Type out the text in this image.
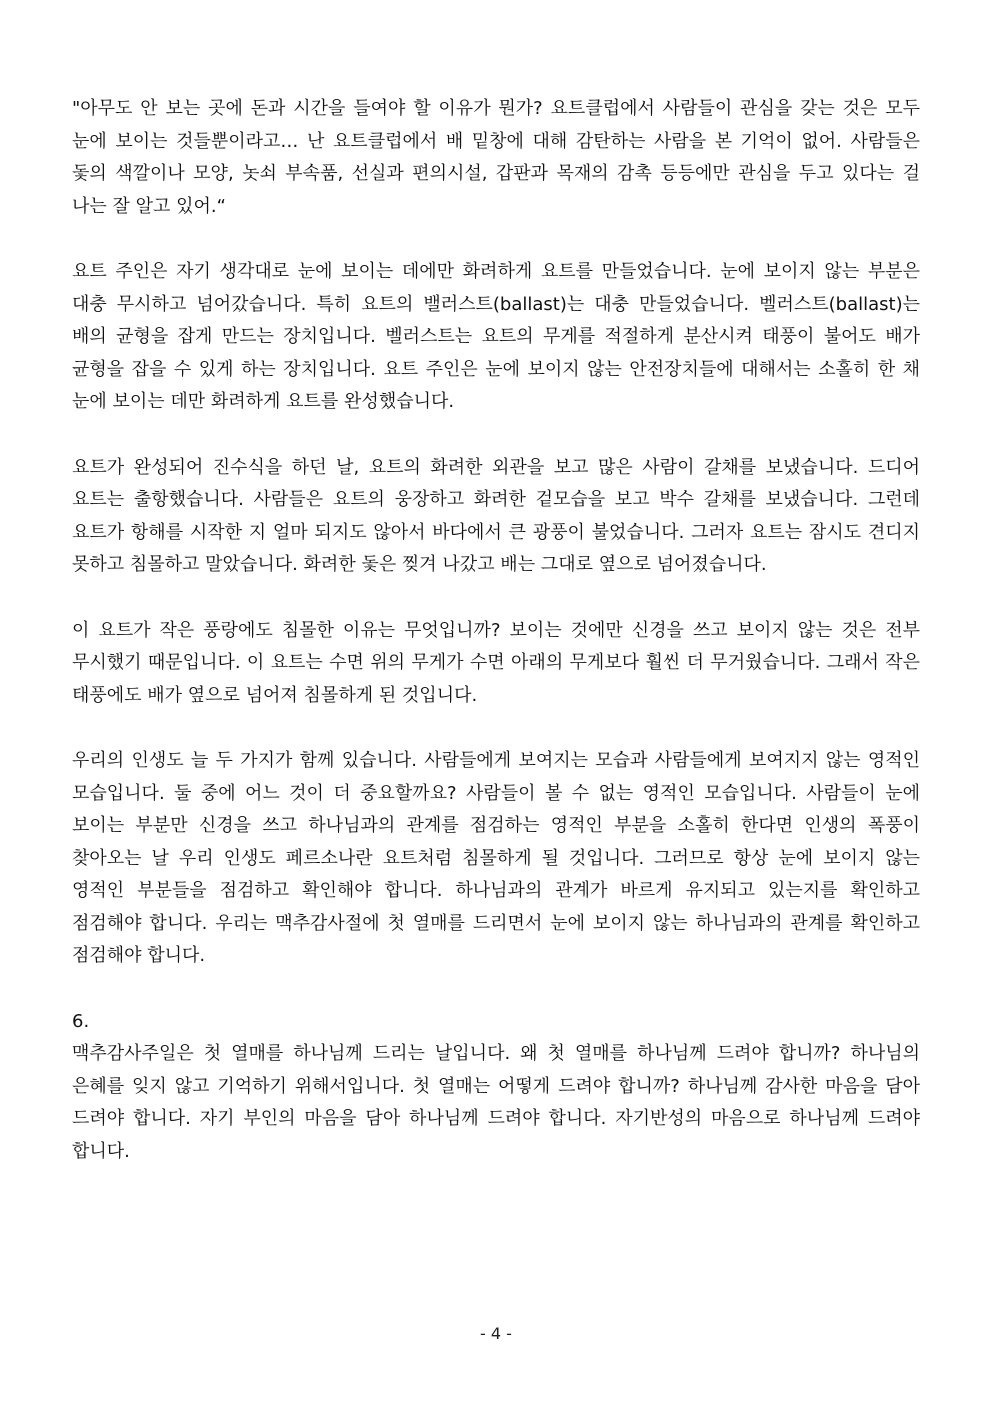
"아무도 안 보는 곳에 돈과 시간을 들여야 할 이유가 뭔가? 요트클럽에서 사람들이 관심을 갖는 것은 모두 눈에 보이는 것들뿐이라고… 난 요트클럽에서 배 밑창에 대해 감탄하는 사람을 본 기억이 없어. 사람들은 돛의 색깔이나 모양, 놋쇠 부속품, 선실과 편의시설, 갑판과 목재의 감촉 등등에만 관심을 두고 있다는 걸 나는 잘 알고 있어.“

요트 주인은 자기 생각대로 눈에 보이는 데에만 화려하게 요트를 만들었습니다. 눈에 보이지 않는 부분은 대충 무시하고 넘어갔습니다. 특히 요트의 밸러스트(ballast)는 대충 만들었습니다. 벨러스트(ballast)는 배의 균형을 잡게 만드는 장치입니다. 벨러스트는 요트의 무게를 적절하게 분산시켜 태풍이 불어도 배가 균형을 잡을 수 있게 하는 장치입니다. 요트 주인은 눈에 보이지 않는 안전장치들에 대해서는 소홀히 한 채 눈에 보이는 데만 화려하게 요트를 완성했습니다.

요트가 완성되어 진수식을 하던 날, 요트의 화려한 외관을 보고 많은 사람이 갈채를 보냈습니다. 드디어 요트는 출항했습니다. 사람들은 요트의 웅장하고 화려한 겉모습을 보고 박수 갈채를 보냈습니다. 그런데 요트가 항해를 시작한 지 얼마 되지도 않아서 바다에서 큰 광풍이 불었습니다. 그러자 요트는 잠시도 견디지 못하고 침몰하고 말았습니다. 화려한 돛은 찢겨 나갔고 배는 그대로 옆으로 넘어졌습니다.

이 요트가 작은 풍랑에도 침몰한 이유는 무엇입니까? 보이는 것에만 신경을 쓰고 보이지 않는 것은 전부 무시했기 때문입니다. 이 요트는 수면 위의 무게가 수면 아래의 무게보다 훨씬 더 무거웠습니다. 그래서 작은 태풍에도 배가 옆으로 넘어져 침몰하게 된 것입니다.

우리의 인생도 늘 두 가지가 함께 있습니다. 사람들에게 보여지는 모습과 사람들에게 보여지지 않는 영적인 모습입니다. 둘 중에 어느 것이 더 중요할까요? 사람들이 볼 수 없는 영적인 모습입니다. 사람들이 눈에 보이는 부분만 신경을 쓰고 하나님과의 관계를 점검하는 영적인 부분을 소홀히 한다면 인생의 폭풍이 찾아오는 날 우리 인생도 페르소나란 요트처럼 침몰하게 될 것입니다. 그러므로 항상 눈에 보이지 않는 영적인 부분들을 점검하고 확인해야 합니다. 하나님과의 관계가 바르게 유지되고 있는지를 확인하고 점검해야 합니다. 우리는 맥추감사절에 첫 열매를 드리면서 눈에 보이지 않는 하나님과의 관계를 확인하고 점검해야 합니다.

6.

맥추감사주일은 첫 열매를 하나님께 드리는 날입니다. 왜 첫 열매를 하나님께 드려야 합니까? 하나님의 은혜를 잊지 않고 기억하기 위해서입니다. 첫 열매는 어떻게 드려야 합니까? 하나님께 감사한 마음을 담아 드려야 합니다. 자기 부인의 마음을 담아 하나님께 드려야 합니다. 자기반성의 마음으로 하나님께 드려야 합니다.

- 4 -
